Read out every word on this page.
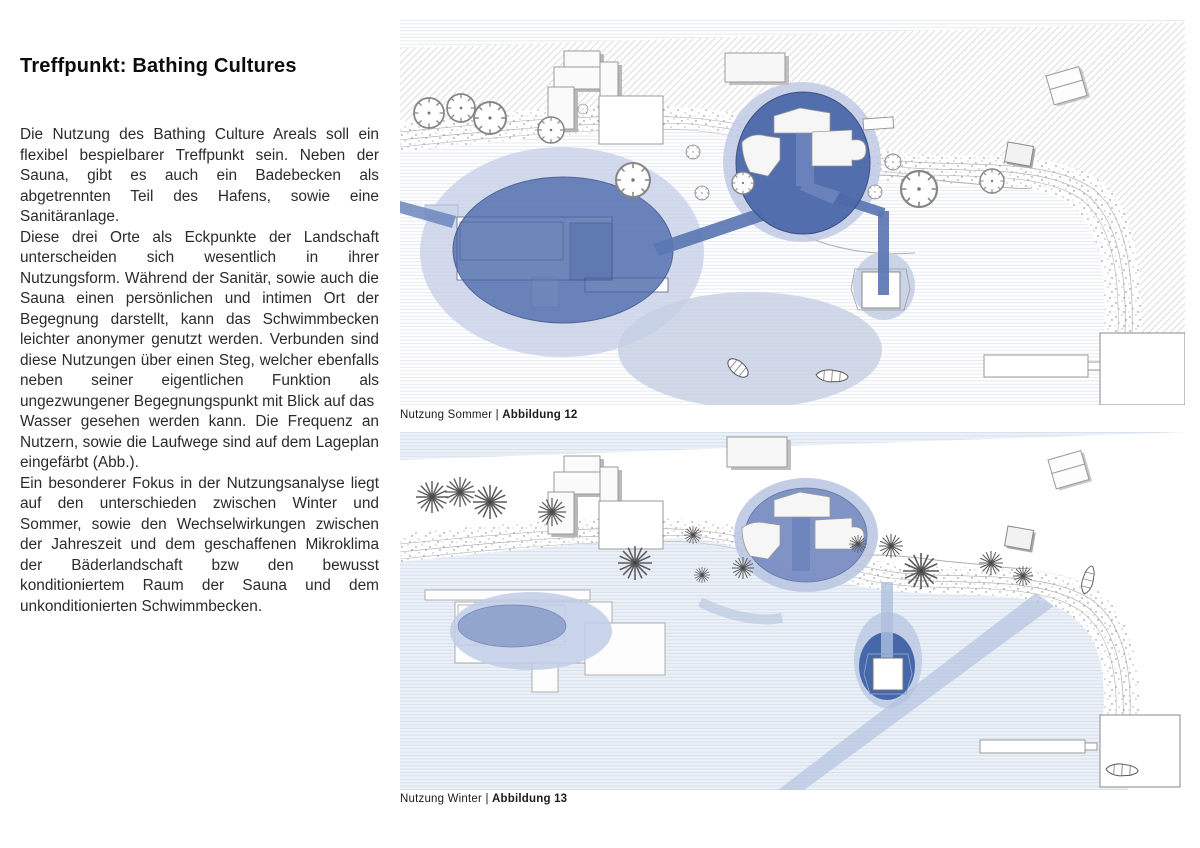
Treffpunkt: Bathing Cultures

Die Nutzung des Bathing Culture Areals soll ein flexibel bespielbarer Treffpunkt sein. Neben der Sauna, gibt es auch ein Badebecken als abgetrennten Teil des Hafens, sowie eine Sanitäranlage.

Diese drei Orte als Eckpunkte der Landschaft unterscheiden sich wesentlich in ihrer Nutzungsform. Während der Sanitär, sowie auch die Sauna einen persönlichen und intimen Ort der Begegnung darstellt, kann das Schwimmbecken leichter anonymer genutzt werden. Verbunden sind diese Nutzungen über einen Steg, welcher ebenfalls neben seiner eigentlichen Funktion als ungezwungener Begegnungspunkt mit Blick auf das

Wasser gesehen werden kann. Die Frequenz an Nutzern, sowie die Laufwege sind auf dem Lageplan eingefärbt (Abb.).

Ein besonderer Fokus in der Nutzungsanalyse liegt auf den unterschieden zwischen Winter und Sommer, sowie den Wechselwirkungen zwischen der Jahreszeit und dem geschaffenen Mikroklima der Bäderlandschaft bzw den bewusst konditioniertem Raum der Sauna und dem unkonditionierten Schwimmbecken.

Nutzung Sommer | Abbildung 12
Nutzung Winter | Abbildung 13
